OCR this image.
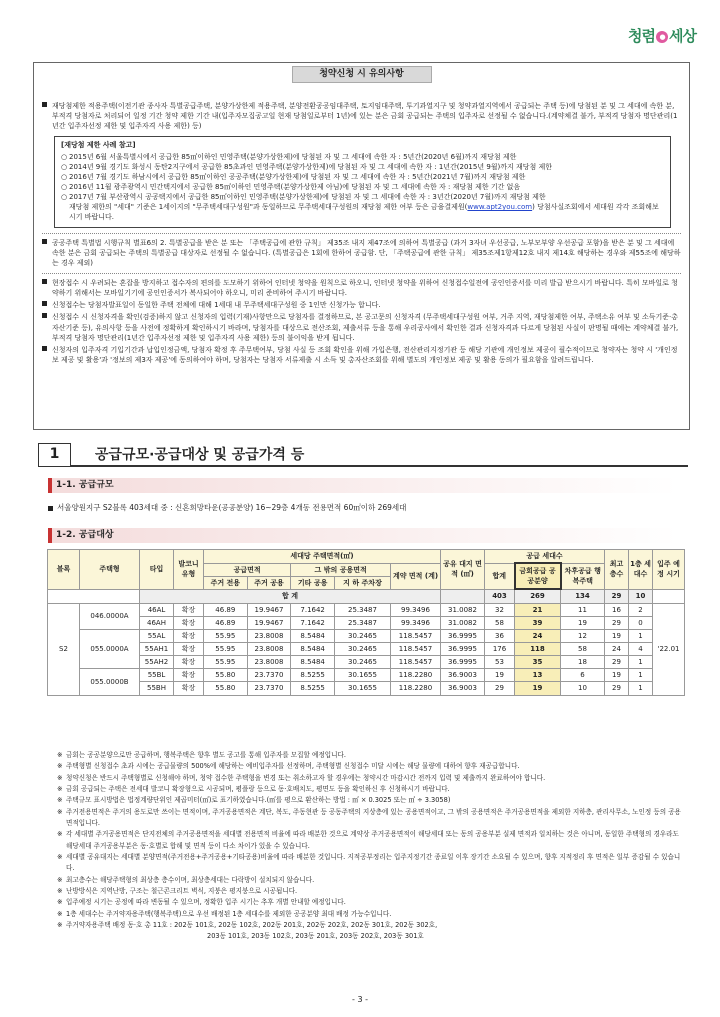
청렴 ● 세상
청약신청 시 유의사항
재당첨제한 적용주택(이전기관 종사자 특별공급주택, 분양가상한제 적용주택, 분양전환공공임대주택, 토지임대주택, 투기과열지구 및 청약과열지역에서 공급되는 주택 등)에 당첨된 분 및 그 세대에 속한 분, 부적격 당첨자로 처리되어 일정 기간 청약 제한 기간 내(입주자모집공고일 현재 당첨일로부터 1년)에 있는 분은 금회 공급되는 주택의 입주자로 선정될 수 없습니다.(계약체결 불가, 부적격 당첨자 명단관리(1년간 입주자선정 제한 및 입주자격 사용 제한) 등)
[재당첨 제한 사례 참고]
○ 2015년 6월 서울특별시에서 공급한 85㎡이하인 민영주택(분양가상한제)에 당첨된 자 및 그 세대에 속한 자 : 5년간(2020년 6월)까지 재당첨 제한
○ 2014년 9월 경기도 화성시 동탄2지구에서 공급한 85초과인 민영주택(분양가상한제)에 당첨된 자 및 그 세대에 속한 자 : 1년간(2015년 9월)까지 재당첨 제한
○ 2016년 7월 경기도 하남시에서 공급한 85㎡이하인 공공주택(분양가상한제)에 당첨된 자 및 그 세대에 속한 자 : 5년간(2021년 7월)까지 재당첨 제한
○ 2016년 11월 광주광역시 민간택지에서 공급한 85㎡이하인 민영주택(분양가상한제 아님)에 당첨된 자 및 그 세대에 속한 자 : 재당첨 제한 기간 없음
○ 2017년 7월 부산광역시 공공택지에서 공급한 85㎡이하인 민영주택(분양가상한제)에 당첨된 자 및 그 세대에 속한 자 : 3년간(2020년 7월)까지 재당첨 제한
재당첨 제한의 "세대" 기준은 1세이지의 "무주택세대구성원"과 동일하므로 무주택세대구성원의 재당첨 제한 여부 등은 금융결제원(www.apt2you.com) 당첨사실조회에서 세대원 각각 조회해보시기 바랍니다.
공공주택 특별법 시행규칙 별표6의 2. 특별공급을 받은 분 또는 「주택공급에 관한 규칙」 제35조 내지 제47조에 의하여 특별공급 (과거 3자녀 우선공급, 노부모부양 우선공급 포함)을 받은 분 및 그 세대에 속한 분은 금회 공급되는 주택의 특별공급 대상자로 선정될 수 없습니다. (특별공급은 1회에 한하여 공급함. 단, 「주택공급에 관한 규칙」 제35조제1항제12호 내지 제14호 해당하는 경우와 제55조에 해당하는 경우 제외)
현장접수 시 우려되는 혼잡을 방지하고 접수자의 편의를 도모하기 위하여 인터넷 청약을 원칙으로 하오니, 인터넷 청약을 위하여 신청접수일전에 공인인증서를 미리 발급 받으시기 바랍니다. 특히 모바일로 청약하기 위해서는 모바일기기에 공인인증서가 복사되어야 하오니, 미리 준비하여 주시기 바랍니다.
신청접수는 당첨자발표일이 동일한 주택 전체에 대해 1세대 내 무주택세대구성원 중 1인만 신청가능 합니다.
신청접수 시 신청자격을 확인(검증)하지 않고 신청자의 입력(기재)사항만으로 당첨자를 결정하므로, 본 공고문의 신청자격 (무주택세대구성원 여부, 거주 지역, 재당첨제한 여부, 주택소유 여부 및 소득기준·총자산기준 등), 유의사항 등을 사전에 정확하게 확인하시기 바라며, 당첨자를 대상으로 전산조회, 제출서류 등을 통해 우리공사에서 확인한 결과 신청자격과 다르게 당첨된 사실이 판명될 때에는 계약체결 불가, 부적격 당첨자 명단관리(1년간 입주자선정 제한 및 입주자격 사용 제한) 등의 불이익을 받게 됩니다.
신청자의 입주자격 기입기간과 납입인정금액, 당첨자 확정 후 주무택여부, 당첨 사실 등 조회 확인을 위해 가입은행, 전산관리지정기관 등 해당 기관에 개인정보 제공이 필수적이므로 청약자는 청약 시 '개인정보 제공 및 활용'과 '정보의 제3자 제공'에 동의하여야 하며, 당첨자는 당첨자 서류제출 시 소득 및 총자산조회를 위해 별도의 개인정보 제공 및 활용 동의가 필요함을 알려드립니다.
1	공급규모·공급대상 및 공급가격 등
1-1. 공급규모
서울양원지구 S2블록 403세대 중 : 신혼희망타운(공공분양) 16~29층 4개동 전용면적 60㎡이하 269세대
1-2. 공급대상
블록	주택형	타입	발코니 유형	세대당 주택면적(㎡)					공유 대지 면적 (㎡)	공급 세대수			최고 층수	1층 세대수	입주 예정 시기
				공급면적		그 밖의 공용면적		계약 면적 (계)		합계	금회공급 공공분양	차후공급 행복주택			
				주거 전용	주거 공용	기타 공용	지 하 주차장								
		합 계								403	269	134	29	10	
S2	046.0000A	46AL	확장	46.89	19.9467	7.1642	25.3487	99.3496	31.0082	32	21	11	16	2	'22.01
		46AH	확장	46.89	19.9467	7.1642	25.3487	99.3496	31.0082	58	39	19	29	0	
	055.0000A	55AL	확장	55.95	23.8008	8.5484	30.2465	118.5457	36.9995	36	24	12	19	1	
		55AH1	확장	55.95	23.8008	8.5484	30.2465	118.5457	36.9995	176	118	58	24	4	
		55AH2	확장	55.95	23.8008	8.5484	30.2465	118.5457	36.9995	53	35	18	29	1	
	055.0000B	55BL	확장	55.80	23.7370	8.5255	30.1655	118.2280	36.9003	19	13	6	19	1	
		55BH	확장	55.80	23.7370	8.5255	30.1655	118.2280	36.9003	29	19	10	29	1	
※ 금회는 공공분양으로만 공급하며, 행복주택은 향후 별도 공고를 통해 입주자를 모집할 예정입니다.
※ 주택형별 신청접수 초과 시에는 공급물량의 500%에 해당하는 예비입주자를 선정하며, 주택형별 신청접수 미달 시에는 해당 물량에 대하여 향후 재공급합니다.
※ 청약신청은 반드시 주택형별로 신청해야 하며, 청약 접수한 주택형을 변경 또는 취소하고자 할 경우에는 청약시간 마감시간 전까지 입력 및 제출까지 완료하여야 합니다.
※ 금회 공급되는 주택은 전세대 발코니 확장형으로 시공되며, 평플랑 등으로 동·호배치도, 평면도 등을 확인하신 후 신청하시기 바랍니다.
※ 주택규모 표시방법은 법정계량단위인 제곱미터(㎡)로 표기하였습니다.(㎡를 평으로 환산하는 방법 : ㎡ × 0.3025 또는 ㎡ ÷ 3.3058)
※ 주거전용면적은 주거의 용도로만 쓰이는 면적이며, 주거공용면적은 계단, 복도, 주동현관 등 공동주택의 지상층에 있는 공용면적이고, 그 밖의 공용면적은 주거공용면적을 제외한 지하층, 관리사무소, 노인정 등의 공용면적입니다.
※ 각 세대별 주거공용면적은 단지전체의 주거공용면적을 세대별 전용면적 비율에 따라 배분한 것으로 계약상 주거공용면적이 해당세대 또는 동의 공용부분 실제 면적과 일치하는 것은 아니며, 동일한 주택형의 경우라도 해당세대 주거공용부분은 동·호별로 합해 및 면적 등이 다소 차이가 있을 수 있습니다.
※ 세대별 공유대지는 세대별 분양면적(주거전용+주거공용+기타공용)비율에 따라 배분한 것입니다. 지적공부정리는 입주지정기간 종료일 이후 장기간 소요될 수 있으며, 향후 지적정리 후 면적은 일부 증감될 수 있습니다.
※ 최고층수는 해당주택형의 최상층 층수이며, 최상층세대는 다락방이 설치되지 않습니다.
※ 난방방식은 지역난방, 구조는 철근콘크리트 벽식, 지붕은 평지붕으로 시공됩니다.
※ 입주예정 시기는 공정에 따라 변동될 수 있으며, 정확한 입주 시기는 추후 개별 안내할 예정입니다.
※ 1층 세대수는 주거약자용주택(행복주택)으로 우선 배정된 1층 세대수를 제외한 공공분양 최대 배정 가능수입니다.
※ 주거약자용주택 배정 동·호 총 11호 : 202동 101호, 202동 102호, 202동 201호, 202동 202호, 202동 301호, 202동 302호,
203동 101호, 203동 102호, 203동 201호, 203동 202호, 203동 301호
- 3 -
